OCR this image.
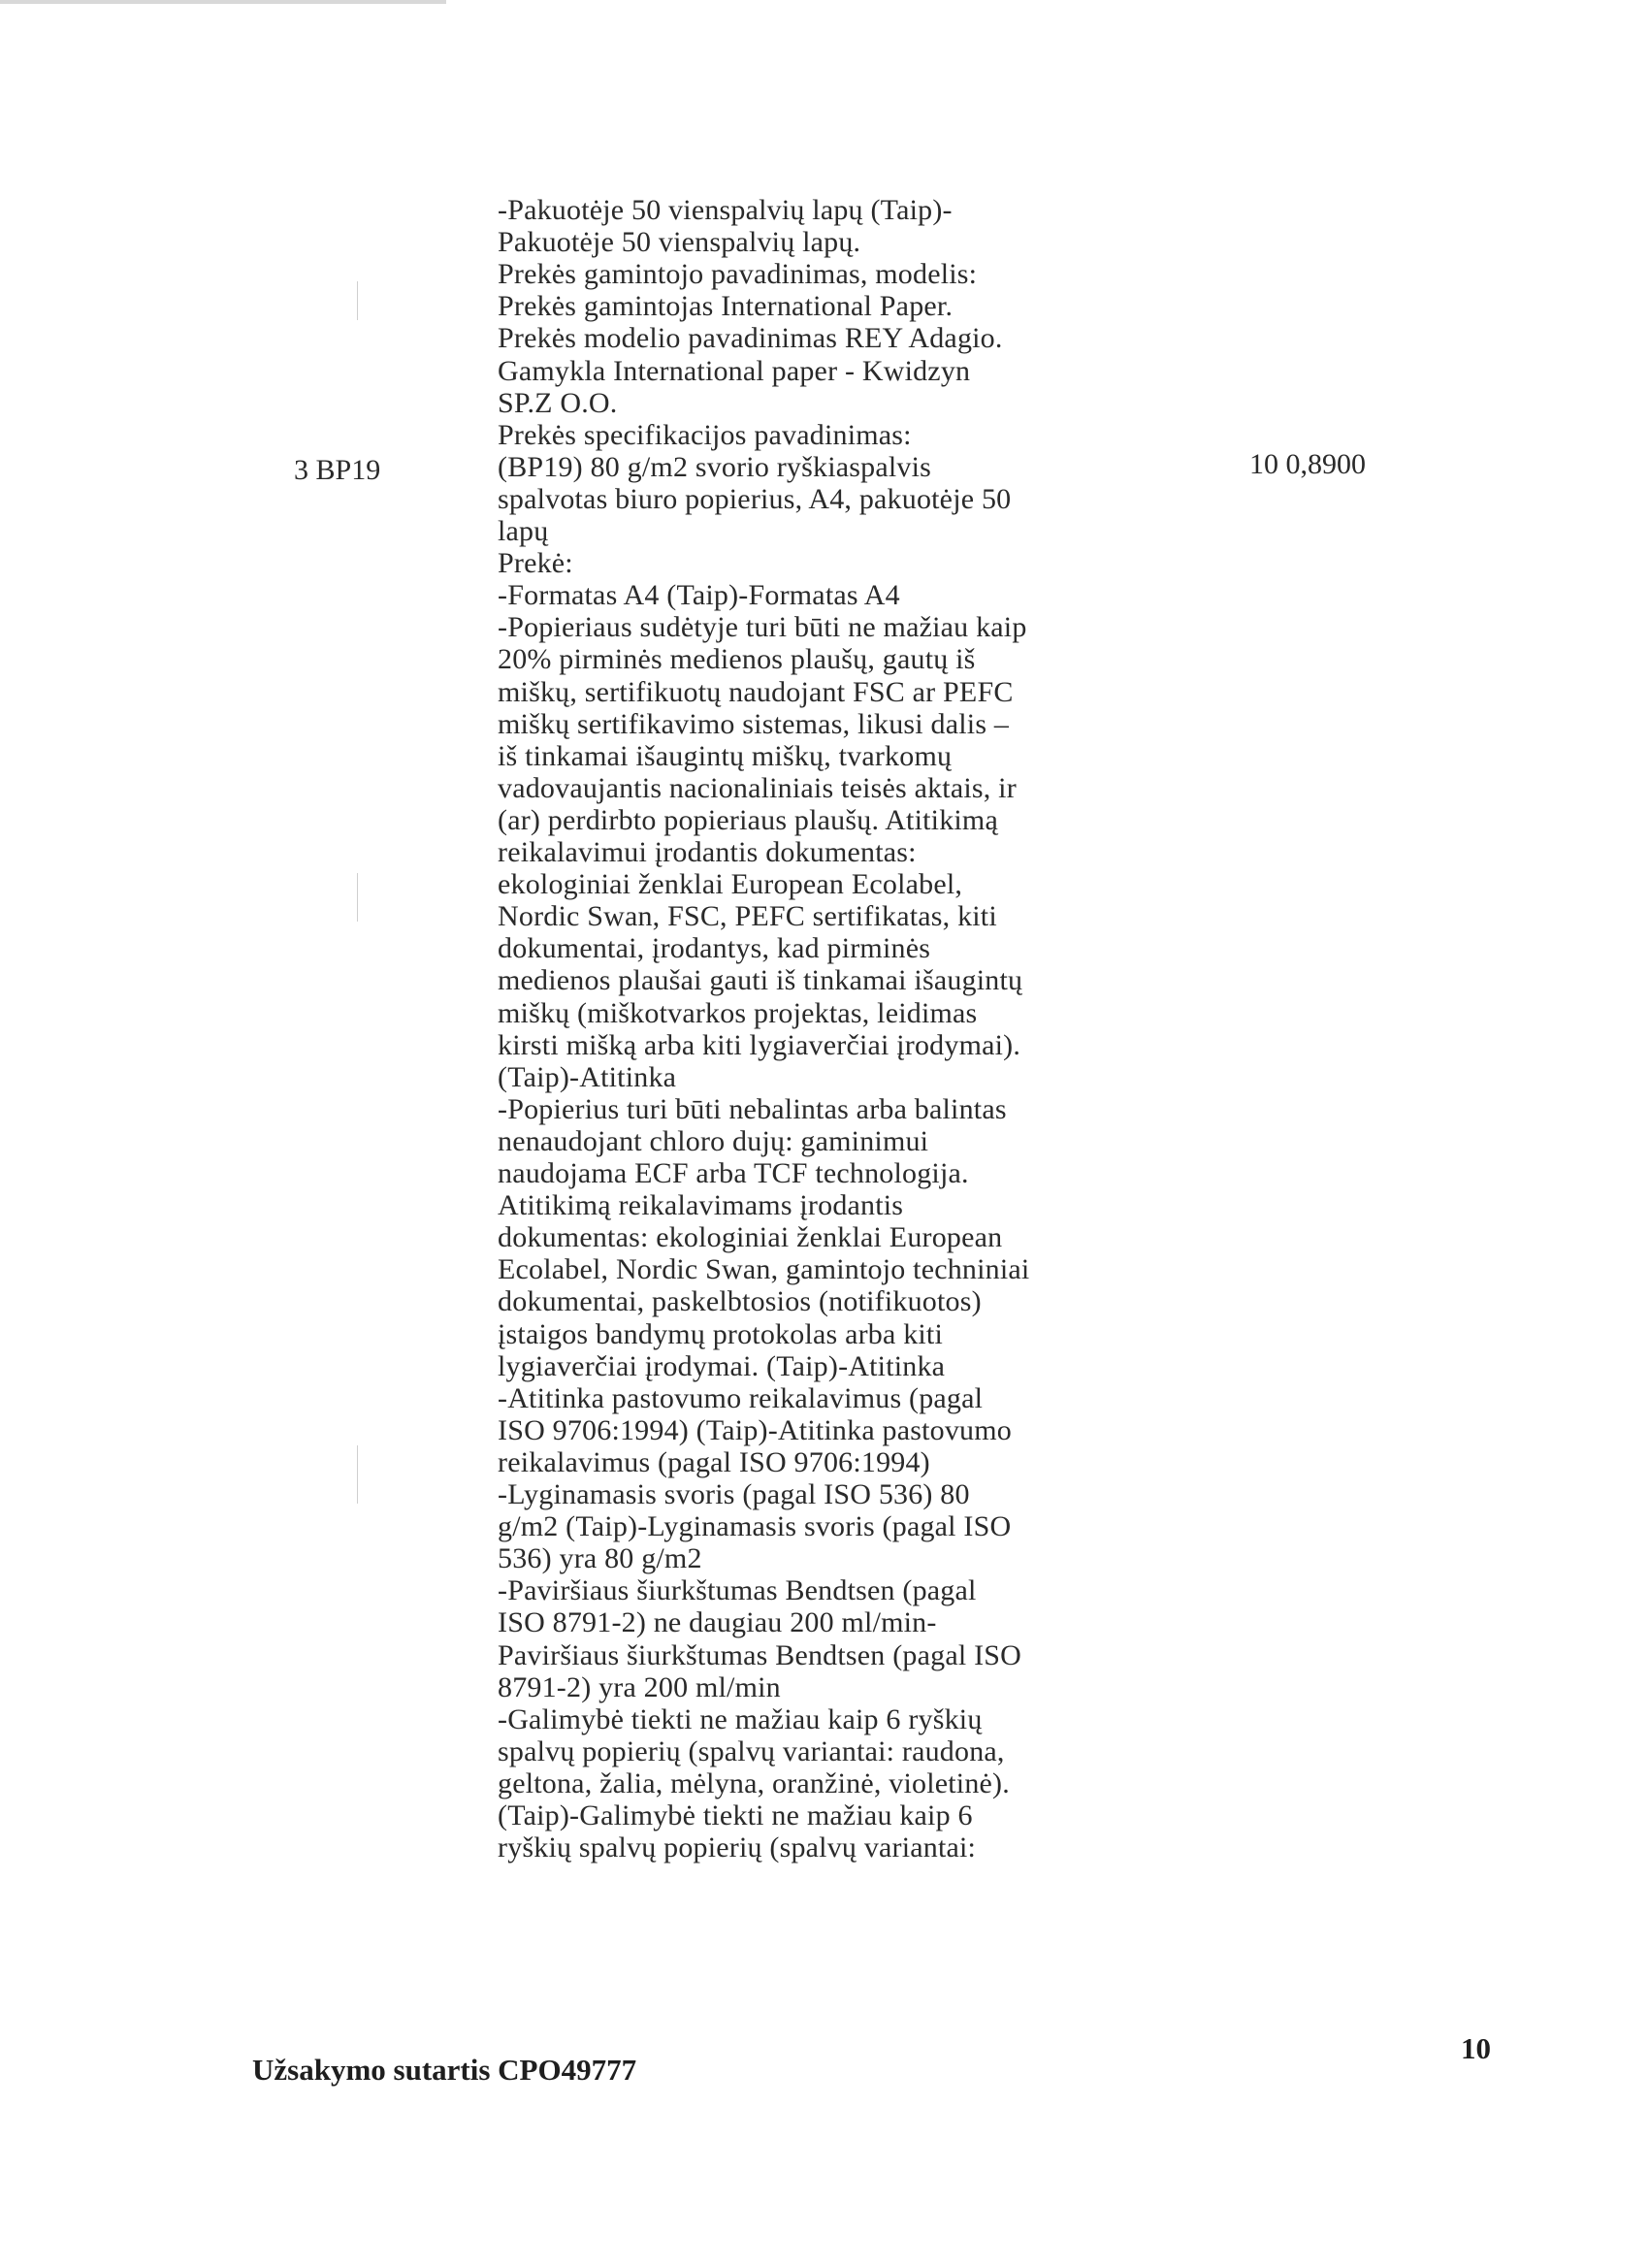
3 BP19	10 0,8900
-Pakuotėje 50 vienspalvių lapų (Taip)-
Pakuotėje 50 vienspalvių lapų.
Prekės gamintojo pavadinimas, modelis:
Prekės gamintojas International Paper.
Prekės modelio pavadinimas REY Adagio.
Gamykla International paper - Kwidzyn
SP.Z O.O.
Prekės specifikacijos pavadinimas:
(BP19) 80 g/m2 svorio ryškiaspalvis
spalvotas biuro popierius, A4, pakuotėje 50
lapų
Prekė:
-Formatas A4 (Taip)-Formatas A4
-Popieriaus sudėtyje turi būti ne mažiau kaip
20% pirminės medienos plaušų, gautų iš
miškų, sertifikuotų naudojant FSC ar PEFC
miškų sertifikavimo sistemas, likusi dalis –
iš tinkamai išaugintų miškų, tvarkomų
vadovaujantis nacionaliniais teisės aktais, ir
(ar) perdirbto popieriaus plaušų. Atitikimą
reikalavimui įrodantis dokumentas:
ekologiniai ženklai European Ecolabel,
Nordic Swan, FSC, PEFC sertifikatas, kiti
dokumentai, įrodantys, kad pirminės
medienos plaušai gauti iš tinkamai išaugintų
miškų (miškotvarkos projektas, leidimas
kirsti mišką arba kiti lygiaverčiai įrodymai).
(Taip)-Atitinka
-Popierius turi būti nebalintas arba balintas
nenaudojant chloro dujų: gaminimui
naudojama ECF arba TCF technologija.
Atitikimą reikalavimams įrodantis
dokumentas: ekologiniai ženklai European
Ecolabel, Nordic Swan, gamintojo techniniai
dokumentai, paskelbtosios (notifikuotos)
įstaigos bandymų protokolas arba kiti
lygiaverčiai įrodymai. (Taip)-Atitinka
-Atitinka pastovumo reikalavimus (pagal
ISO 9706:1994) (Taip)-Atitinka pastovumo
reikalavimus (pagal ISO 9706:1994)
-Lyginamasis svoris (pagal ISO 536) 80
g/m2 (Taip)-Lyginamasis svoris (pagal ISO
536) yra 80 g/m2
-Paviršiaus šiurkštumas Bendtsen (pagal
ISO 8791-2) ne daugiau 200 ml/min-
Paviršiaus šiurkštumas Bendtsen (pagal ISO
8791-2) yra 200 ml/min
-Galimybė tiekti ne mažiau kaip 6 ryškių
spalvų popierių (spalvų variantai: raudona,
geltona, žalia, mėlyna, oranžinė, violetinė).
(Taip)-Galimybė tiekti ne mažiau kaip 6
ryškių spalvų popierių (spalvų variantai:
Užsakymo sutartis CPO49777
10
